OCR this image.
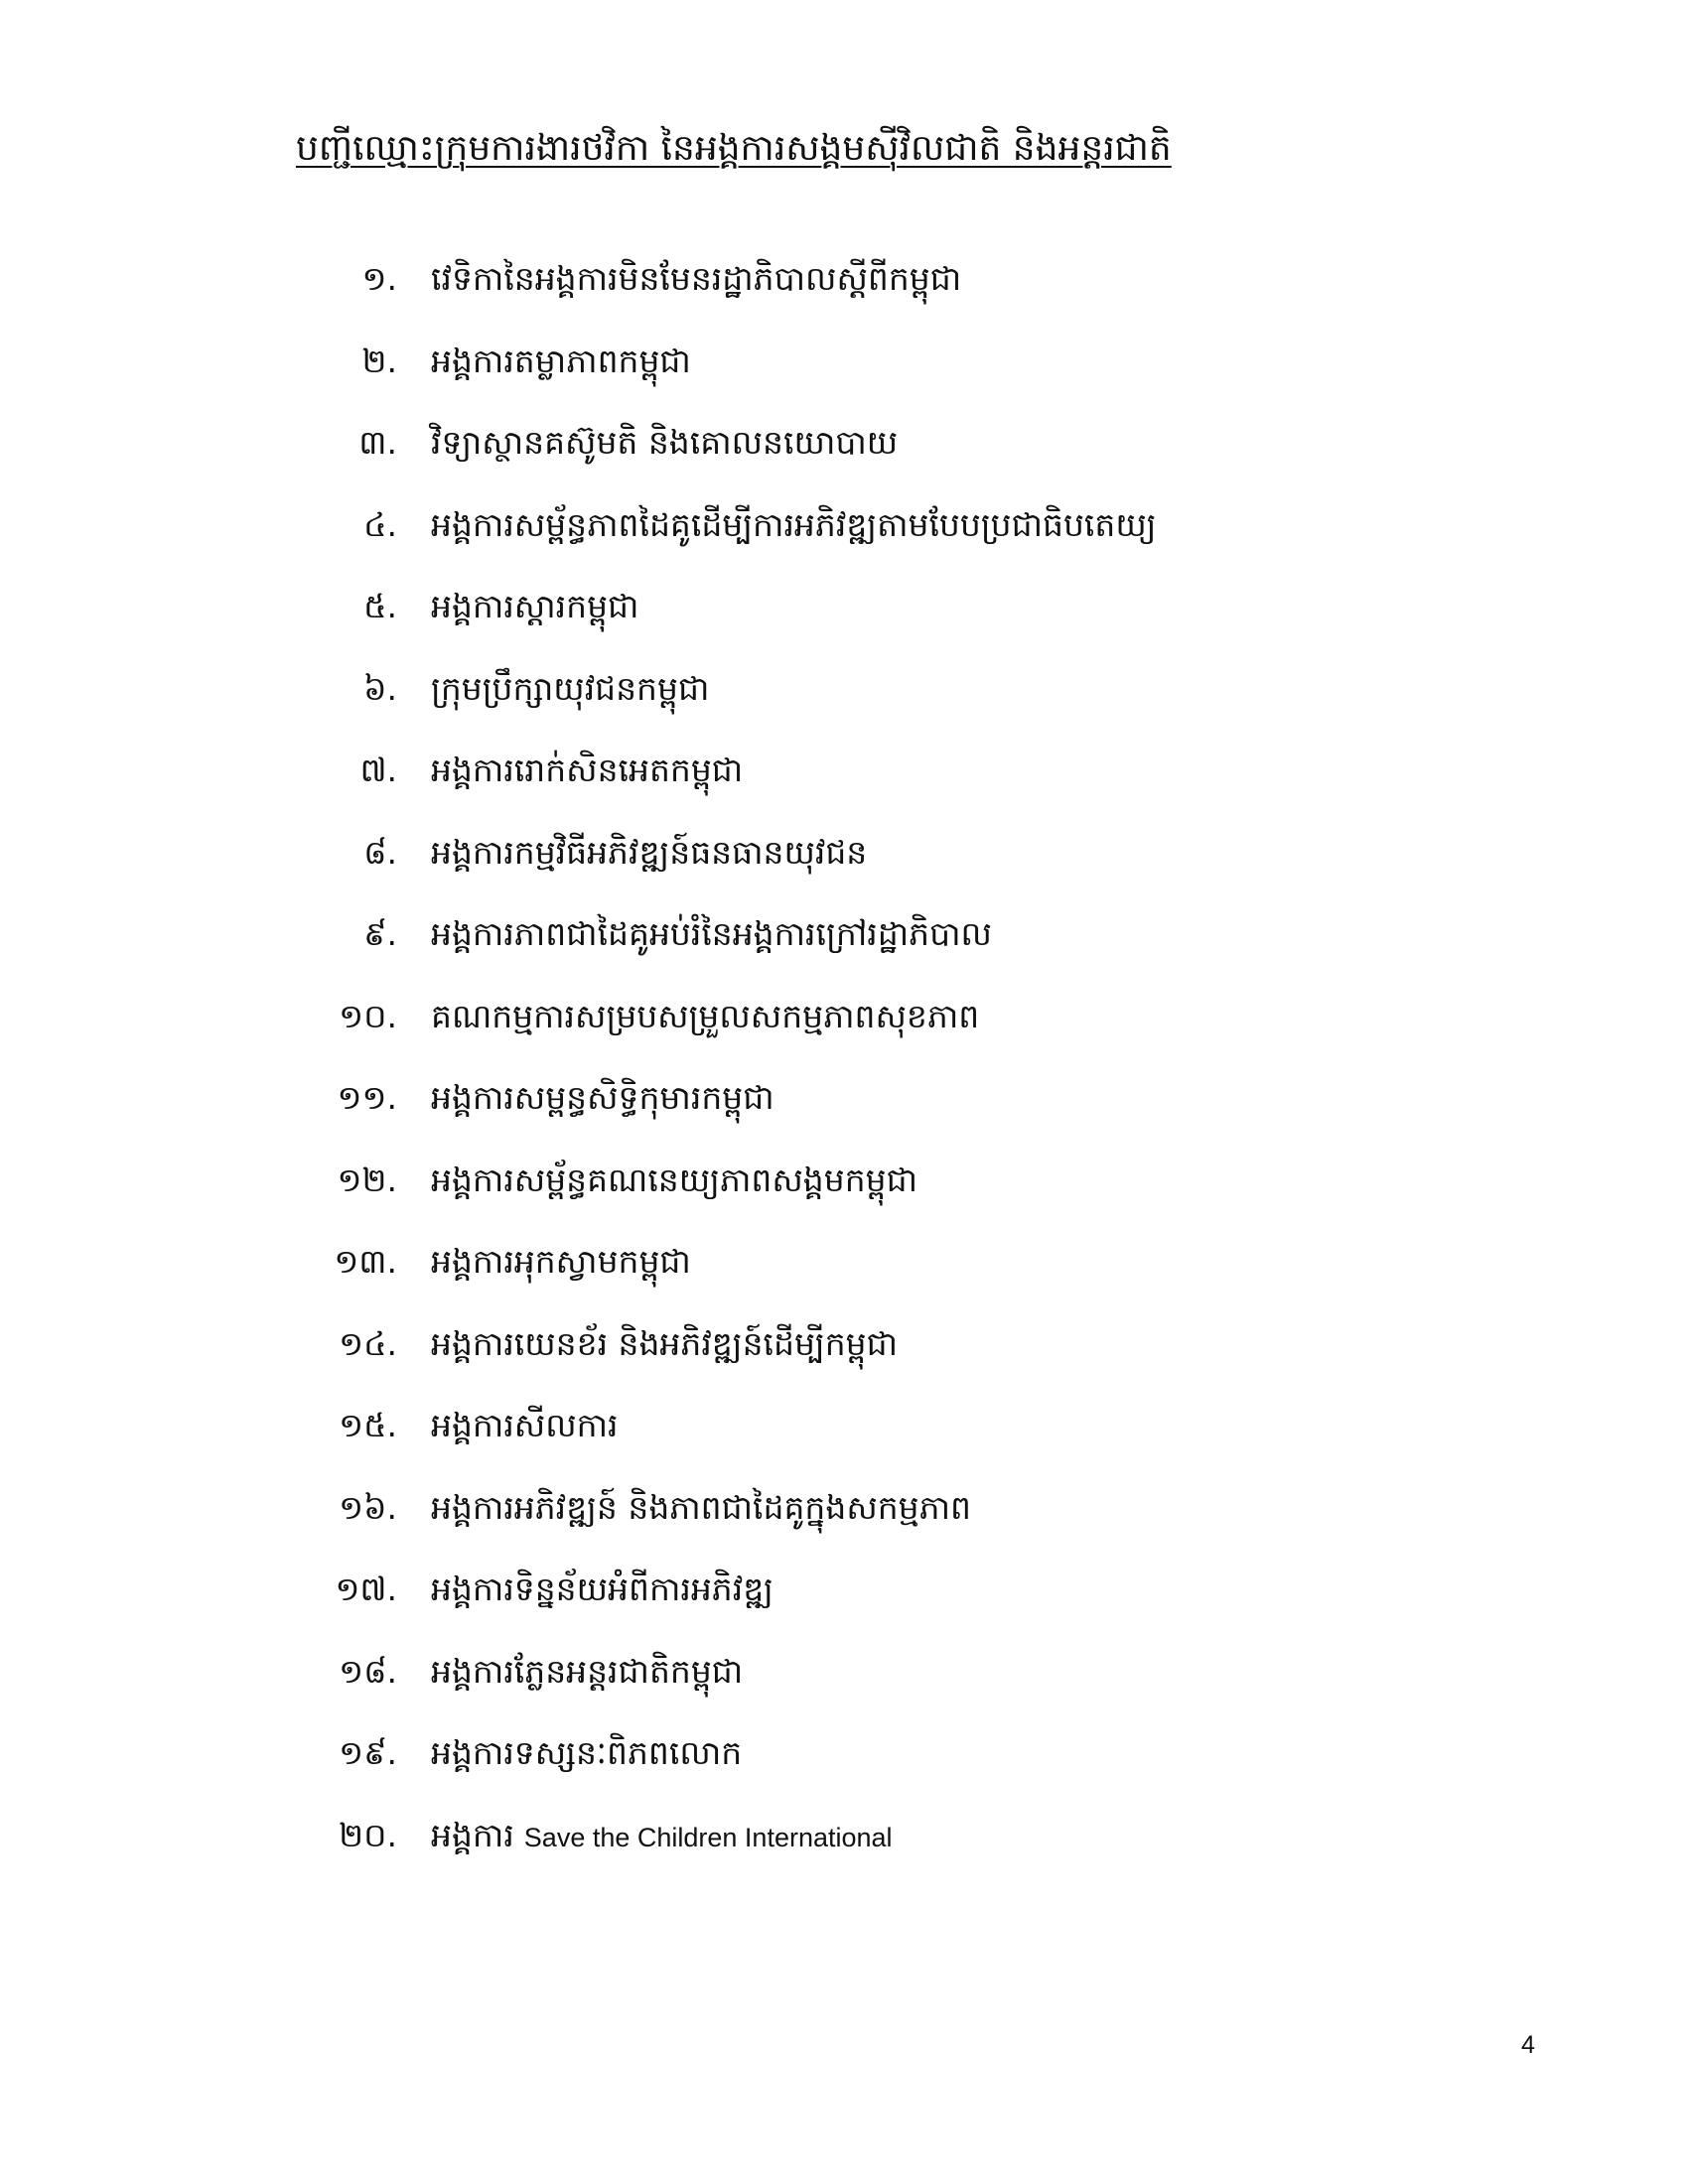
បញ្ជីឈ្មោះក្រុមការងារថវិកា នៃអង្គការសង្គមស៊ីវិលជាតិ និងអន្តរជាតិ
១. វេទិកានៃអង្គការមិនមែនរដ្ឋាភិបាលស្តីពីកម្ពុជា
២. អង្គការតម្លាភាពកម្ពុជា
៣. វិទ្យាស្ថានគស៊ូមតិ និងគោលនយោបាយ
៤. អង្គការសម្ព័ន្ធភាពដៃគូដើម្បីការអភិវឌ្ឍតាមបែបប្រជាធិបតេយ្យ
៥. អង្គការស្តារកម្ពុជា
៦. ក្រុមប្រឹក្សាយុវជនកម្ពុជា
៧. អង្គការរោក់សិនអេតកម្ពុជា
៨. អង្គការកម្មវិធីអភិវឌ្ឍន៍ធនធានយុវជន
៩. អង្គការភាពជាដៃគូអប់រំនៃអង្គការក្រៅរដ្ឋាភិបាល
១០. គណកម្មការសម្របសម្រួលសកម្មភាពសុខភាព
១១. អង្គការសម្ពន្ធសិទ្ធិកុមារកម្ពុជា
១២. អង្គការសម្ព័ន្ធគណនេយ្យភាពសង្គមកម្ពុជា
១៣. អង្គការអុកស្វាមកម្ពុជា
១៤. អង្គការយេនខ័រ និងអភិវឌ្ឍន៍ដើម្បីកម្ពុជា
១៥. អង្គការសីលការ
១៦. អង្គការអភិវឌ្ឍន៍ និងភាពជាដៃគូក្នុងសកម្មភាព
១៧. អង្គការទិន្នន័យអំពីការអភិវឌ្ឍ
១៨. អង្គការភ្លែនអន្តរជាតិកម្ពុជា
១៩. អង្គការទស្សនៈពិភពលោក
២០. អង្គការ Save the Children International
4
